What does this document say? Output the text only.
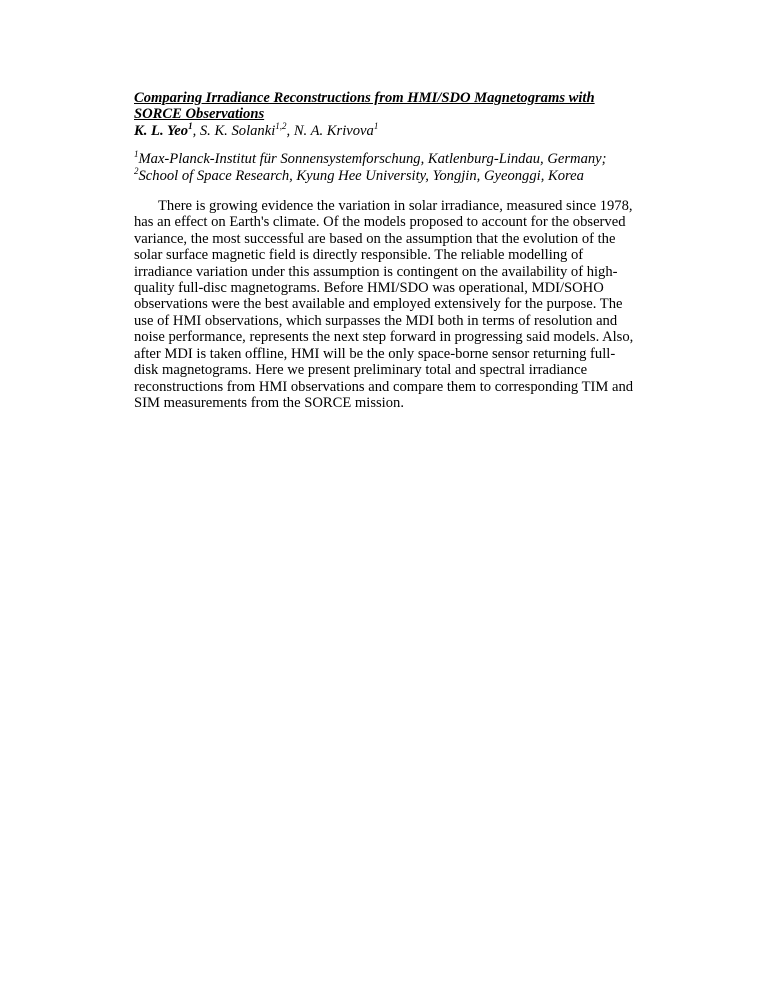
Comparing Irradiance Reconstructions from HMI/SDO Magnetograms with
SORCE Observations

K. L. Yeo$^1$, S. K. Solanki$^{1,2}$, N. A. Krivova$^1$

$^1$Max-Planck-Institut für Sonnensystemforschung, Katlenburg-Lindau, Germany;

$^2$School of Space Research, Kyung Hee University, Yongjin, Gyeonggi, Korea

There is growing evidence the variation in solar irradiance, measured since 1978, has an effect on Earth's climate. Of the models proposed to account for the observed variance, the most successful are based on the assumption that the evolution of the solar surface magnetic field is directly responsible. The reliable modelling of irradiance variation under this assumption is contingent on the availability of high-quality full-disc magnetograms. Before HMI/SDO was operational, MDI/SOHO observations were the best available and employed extensively for the purpose. The use of HMI observations, which surpasses the MDI both in terms of resolution and noise performance, represents the next step forward in progressing said models. Also, after MDI is taken offline, HMI will be the only space-borne sensor returning full-disk magnetograms. Here we present preliminary total and spectral irradiance reconstructions from HMI observations and compare them to corresponding TIM and SIM measurements from the SORCE mission.
